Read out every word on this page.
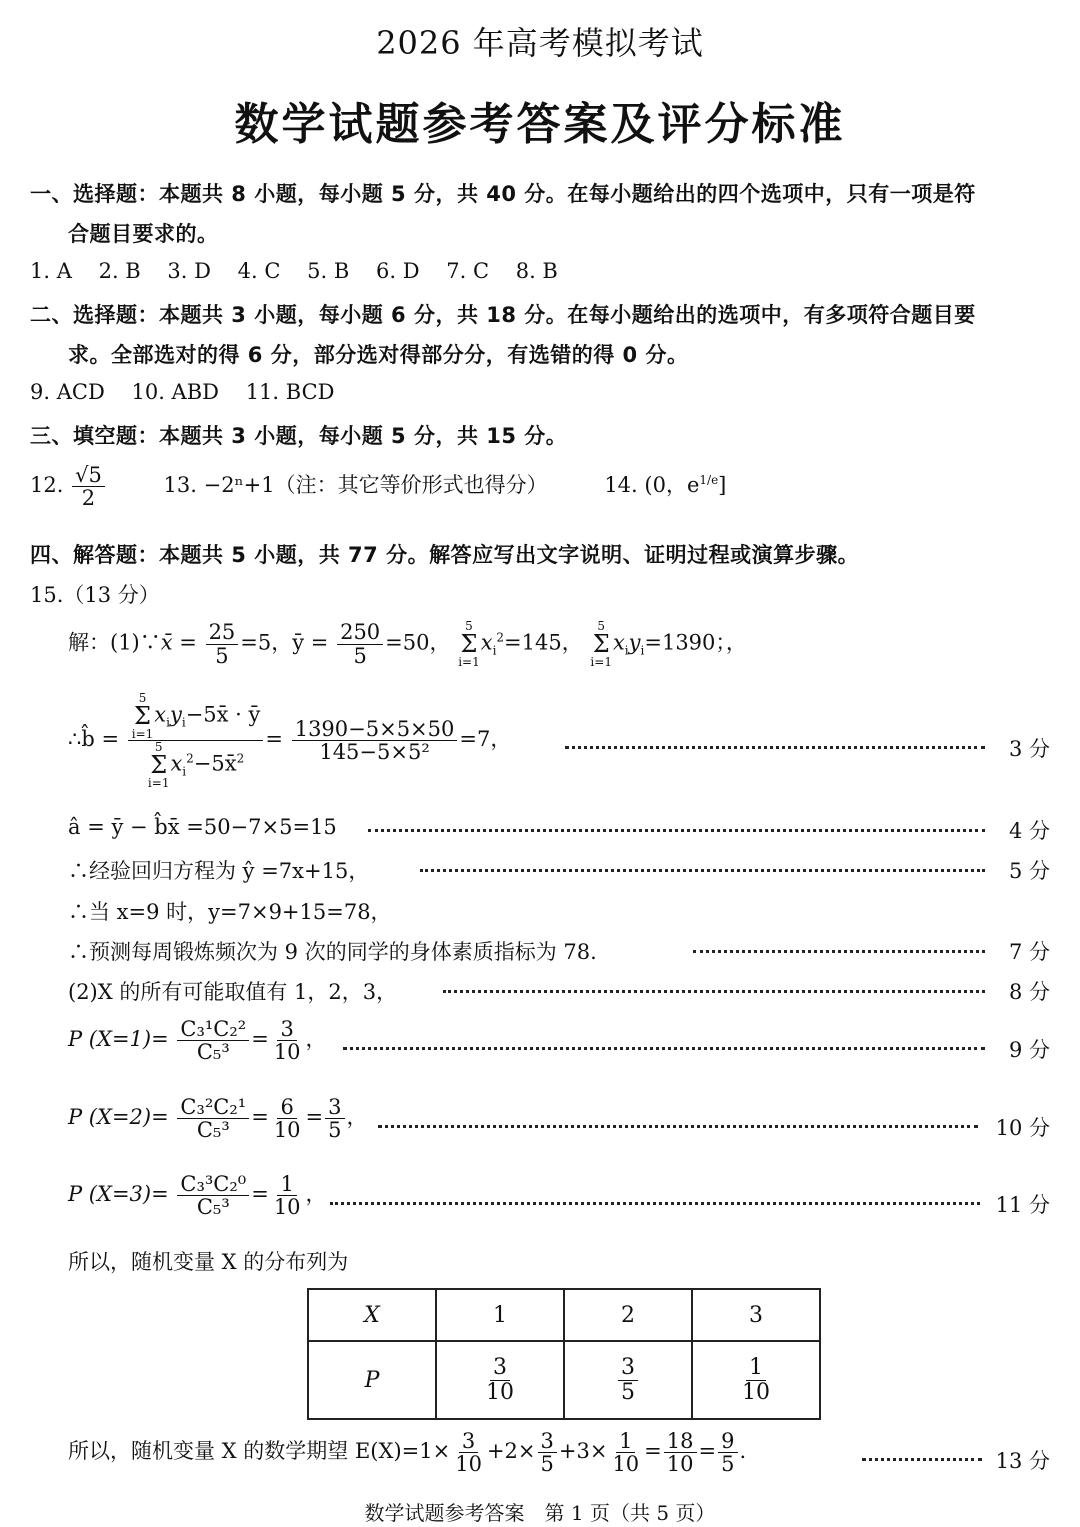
2026 年高考模拟考试
数学试题参考答案及评分标准
一、选择题：本题共 8 小题，每小题 5 分，共 40 分。在每小题给出的四个选项中，只有一项是符
合题目要求的。
1. A 2. B 3. D 4. C 5. B 6. D 7. C 8. B
二、选择题：本题共 3 小题，每小题 6 分，共 18 分。在每小题给出的选项中，有多项符合题目要
求。全部选对的得 6 分，部分选对得部分分，有选错的得 0 分。
9. ACD 10. ABD 11. BCD
三、填空题：本题共 3 小题，每小题 5 分，共 15 分。
12. $\frac{√5}{2}$	13. −2ⁿ+1（注：其它等价形式也得分）	14. (0，$e^{1/e}$]
四、解答题：本题共 5 小题，共 77 分。解答应写出文字说明、证明过程或演算步骤。
15.（13 分）
解：(1)∵x̄ = $\frac{25}{5} =5$，ȳ = $\frac{250}{5} =50$，
5
Σ
i=1
$x_i^2=145$，
5
Σ
i=1
$x_iy_i=1390$；，
∴b̂ = 5
Σ
i=1
$x_iy_i-5x̄$ · ȳ
5
Σ
i=1
$x_i^2-5x̄^2 = \frac{1390-5\times 5\times 50}{\text{145−5×5²}} =7$，	3 分
â = ȳ − b̂x̄ =50−7×5=15	4 分
∴经验回归方程为 ŷ =7x+15，	5 分
∴当 x=9 时，y=7×9+15=78，
∴预测每周锻炼频次为 9 次的同学的身体素质指标为 78.	7 分
(2)X 的所有可能取值有 1，2，3，	8 分
P $(X=1)= \frac{\text{C₃¹C₂²}}{\text{C₅³}} = \frac{3}{10}$ ，	9 分
P $(X=2)= \frac{\text{C₃²C₂¹}}{\text{C₅³}} = \frac{6}{10} = \frac{3}{5}$ ，	10 分
P $(X=3)= \frac{\text{C₃³C₂⁰}}{\text{C₅³}} = \frac{1}{10}$ ，	11 分
所以，随机变量 X 的分布列为
X	1	2	3
P	$\frac{3}{10}$	$\frac{3}{5}$	$\frac{1}{10}$
所以，随机变量 X 的数学期望 $E(X)=1\times \frac{3}{10} +2\times \frac{3}{5} +3\times \frac{1}{10} = \frac{18}{10} = \frac{9}{5}$ .	13 分
数学试题参考答案　第 1 页（共 5 页）
